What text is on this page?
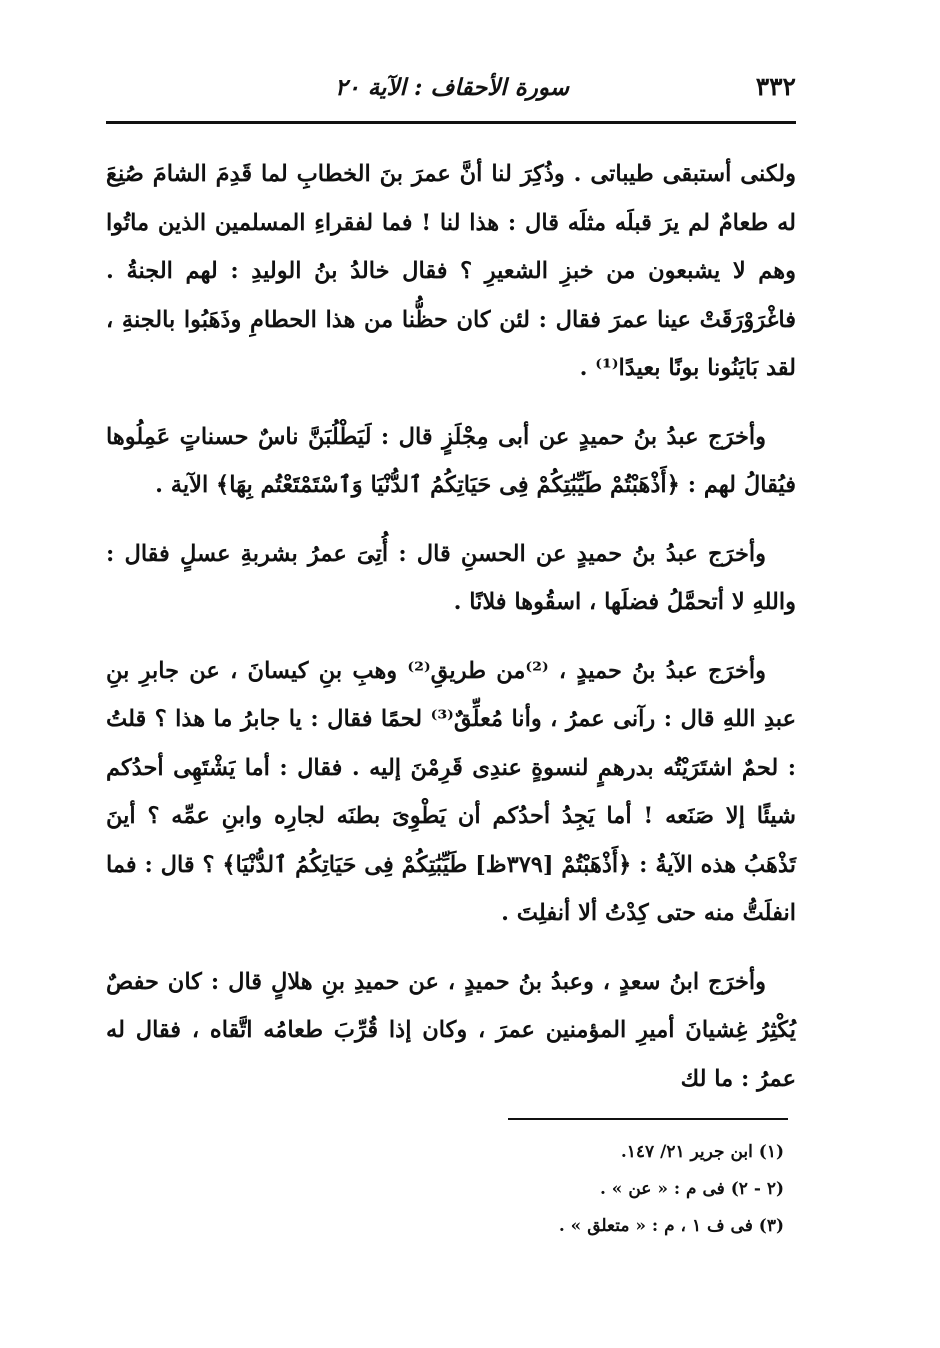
٣٣٢
سورة الأحقاف : الآية ٢٠

ولكنى أستبقى طيباتى . وذُكِرَ لنا أنَّ عمرَ بنَ الخطابِ لما قَدِمَ الشامَ صُنِعَ له طعامٌ لم يرَ قبلَه مثلَه قال : هذا لنا ! فما لفقراءِ المسلمين الذين ماتُوا وهم لا يشبعون من خبزِ الشعيرِ ؟ فقال خالدُ بنُ الوليدِ : لهم الجنةُ . فاغْرَوْرَقَتْ عينا عمرَ فقال : لئن كان حظُّنا من هذا الحطامِ وذَهَبُوا بالجنةِ ، لقد بَايَنُونا بونًا بعيدًا⁽¹⁾ .

وأخرَج عبدُ بنُ حميدٍ عن أبى مِجْلَزٍ قال : لَيَطْلُبَنَّ ناسٌ حسناتٍ عَمِلُوها فيُقالُ لهم : ﴿أَذْهَبْتُمْ طَيِّبَٰتِكُمْ فِى حَيَاتِكُمُ ٱلدُّنْيَا وَٱسْتَمْتَعْتُم بِهَا﴾ الآية .

وأخرَج عبدُ بنُ حميدٍ عن الحسنِ قال : أُتِىَ عمرُ بشربةِ عسلٍ فقال : واللهِ لا أتحمَّلُ فضلَها ، اسقُوها فلانًا .

وأخرَج عبدُ بنُ حميدٍ ، ⁽²⁾من طريقِ⁽²⁾ وهبِ بنِ كيسانَ ، عن جابرِ بنِ عبدِ اللهِ قال : رآنى عمرُ ، وأنا مُعلِّقٌ⁽³⁾ لحمًا فقال : يا جابرُ ما هذا ؟ قلتُ : لحمٌ اشتَرَيْتُه بدرهمٍ لنسوةٍ عندِى قَرِمْنَ إليه . فقال : أما يَشْتَهِى أحدُكم شيئًا إلا صَنَعه ! أما يَجِدُ أحدُكم أن يَطْوِىَ بطنَه لجارِه وابنِ عمِّه ؟ أينَ تَذْهَبُ هذه الآيةُ : ﴿أَذْهَبْتُمْ [٣٧٩ظ] طَيِّبَٰتِكُمْ فِى حَيَاتِكُمُ ٱلدُّنْيَا﴾ ؟ قال : فما انفلَتُّ منه حتى كِدْتُ ألا أنفلِتَ .

وأخرَج ابنُ سعدٍ ، وعبدُ بنُ حميدٍ ، عن حميدِ بنِ هلالٍ قال : كان حفصٌ يُكْثِرُ غِشيانَ أميرِ المؤمنين عمرَ ، وكان إذا قُرِّبَ طعامُه اتَّقاه ، فقال له عمرُ : ما لك

(١) ابن جرير ٢١/ ١٤٧.

(٢ - ٢) فى م : « عن » .

(٣) فى ف ١ ، م : « متعلق » .
